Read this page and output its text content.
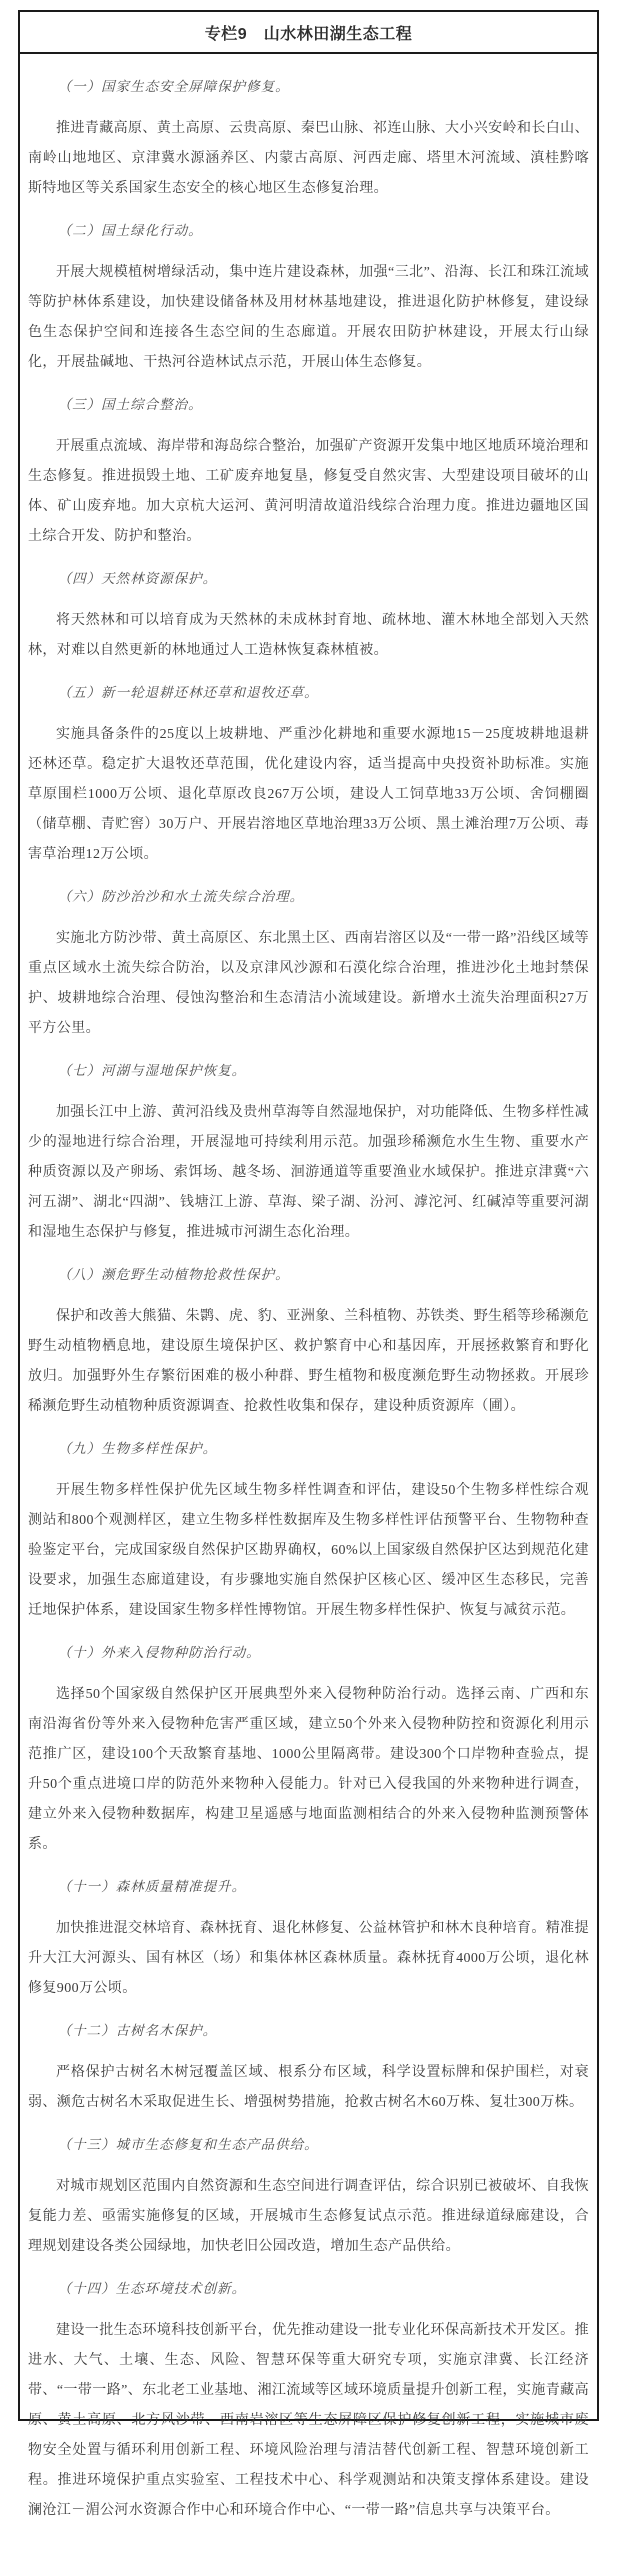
专栏9　山水林田湖生态工程

（一）国家生态安全屏障保护修复。

推进青藏高原、黄土高原、云贵高原、秦巴山脉、祁连山脉、大小兴安岭和长白山、南岭山地地区、京津冀水源涵养区、内蒙古高原、河西走廊、塔里木河流域、滇桂黔喀斯特地区等关系国家生态安全的核心地区生态修复治理。

（二）国土绿化行动。

开展大规模植树增绿活动，集中连片建设森林，加强“三北”、沿海、长江和珠江流域等防护林体系建设，加快建设储备林及用材林基地建设，推进退化防护林修复，建设绿色生态保护空间和连接各生态空间的生态廊道。开展农田防护林建设，开展太行山绿化，开展盐碱地、干热河谷造林试点示范，开展山体生态修复。

（三）国土综合整治。

开展重点流域、海岸带和海岛综合整治，加强矿产资源开发集中地区地质环境治理和生态修复。推进损毁土地、工矿废弃地复垦，修复受自然灾害、大型建设项目破坏的山体、矿山废弃地。加大京杭大运河、黄河明清故道沿线综合治理力度。推进边疆地区国土综合开发、防护和整治。

（四）天然林资源保护。

将天然林和可以培育成为天然林的未成林封育地、疏林地、灌木林地全部划入天然林，对难以自然更新的林地通过人工造林恢复森林植被。

（五）新一轮退耕还林还草和退牧还草。

实施具备条件的25度以上坡耕地、严重沙化耕地和重要水源地15－25度坡耕地退耕还林还草。稳定扩大退牧还草范围，优化建设内容，适当提高中央投资补助标准。实施草原围栏1000万公顷、退化草原改良267万公顷，建设人工饲草地33万公顷、舍饲棚圈（储草棚、青贮窖）30万户、开展岩溶地区草地治理33万公顷、黑土滩治理7万公顷、毒害草治理12万公顷。

（六）防沙治沙和水土流失综合治理。

实施北方防沙带、黄土高原区、东北黑土区、西南岩溶区以及“一带一路”沿线区域等重点区域水土流失综合防治，以及京津风沙源和石漠化综合治理，推进沙化土地封禁保护、坡耕地综合治理、侵蚀沟整治和生态清洁小流域建设。新增水土流失治理面积27万平方公里。

（七）河湖与湿地保护恢复。

加强长江中上游、黄河沿线及贵州草海等自然湿地保护，对功能降低、生物多样性减少的湿地进行综合治理，开展湿地可持续利用示范。加强珍稀濒危水生生物、重要水产种质资源以及产卵场、索饵场、越冬场、洄游通道等重要渔业水域保护。推进京津冀“六河五湖”、湖北“四湖”、钱塘江上游、草海、梁子湖、汾河、滹沱河、红碱淖等重要河湖和湿地生态保护与修复，推进城市河湖生态化治理。

（八）濒危野生动植物抢救性保护。

保护和改善大熊猫、朱鹮、虎、豹、亚洲象、兰科植物、苏铁类、野生稻等珍稀濒危野生动植物栖息地，建设原生境保护区、救护繁育中心和基因库，开展拯救繁育和野化放归。加强野外生存繁衍困难的极小种群、野生植物和极度濒危野生动物拯救。开展珍稀濒危野生动植物种质资源调查、抢救性收集和保存，建设种质资源库（圃）。

（九）生物多样性保护。

开展生物多样性保护优先区域生物多样性调查和评估，建设50个生物多样性综合观测站和800个观测样区，建立生物多样性数据库及生物多样性评估预警平台、生物物种查验鉴定平台，完成国家级自然保护区勘界确权，60%以上国家级自然保护区达到规范化建设要求，加强生态廊道建设，有步骤地实施自然保护区核心区、缓冲区生态移民，完善迁地保护体系，建设国家生物多样性博物馆。开展生物多样性保护、恢复与减贫示范。

（十）外来入侵物种防治行动。

选择50个国家级自然保护区开展典型外来入侵物种防治行动。选择云南、广西和东南沿海省份等外来入侵物种危害严重区域，建立50个外来入侵物种防控和资源化利用示范推广区，建设100个天敌繁育基地、1000公里隔离带。建设300个口岸物种查验点，提升50个重点进境口岸的防范外来物种入侵能力。针对已入侵我国的外来物种进行调查，建立外来入侵物种数据库，构建卫星遥感与地面监测相结合的外来入侵物种监测预警体系。

（十一）森林质量精准提升。

加快推进混交林培育、森林抚育、退化林修复、公益林管护和林木良种培育。精准提升大江大河源头、国有林区（场）和集体林区森林质量。森林抚育4000万公顷，退化林修复900万公顷。

（十二）古树名木保护。

严格保护古树名木树冠覆盖区域、根系分布区域，科学设置标牌和保护围栏，对衰弱、濒危古树名木采取促进生长、增强树势措施，抢救古树名木60万株、复壮300万株。

（十三）城市生态修复和生态产品供给。

对城市规划区范围内自然资源和生态空间进行调查评估，综合识别已被破坏、自我恢复能力差、亟需实施修复的区域，开展城市生态修复试点示范。推进绿道绿廊建设，合理规划建设各类公园绿地，加快老旧公园改造，增加生态产品供给。

（十四）生态环境技术创新。

建设一批生态环境科技创新平台，优先推动建设一批专业化环保高新技术开发区。推进水、大气、土壤、生态、风险、智慧环保等重大研究专项，实施京津冀、长江经济带、“一带一路”、东北老工业基地、湘江流域等区域环境质量提升创新工程，实施青藏高原、黄土高原、北方风沙带、西南岩溶区等生态屏障区保护修复创新工程，实施城市废物安全处置与循环利用创新工程、环境风险治理与清洁替代创新工程、智慧环境创新工程。推进环境保护重点实验室、工程技术中心、科学观测站和决策支撑体系建设。建设澜沧江－湄公河水资源合作中心和环境合作中心、“一带一路”信息共享与决策平台。
